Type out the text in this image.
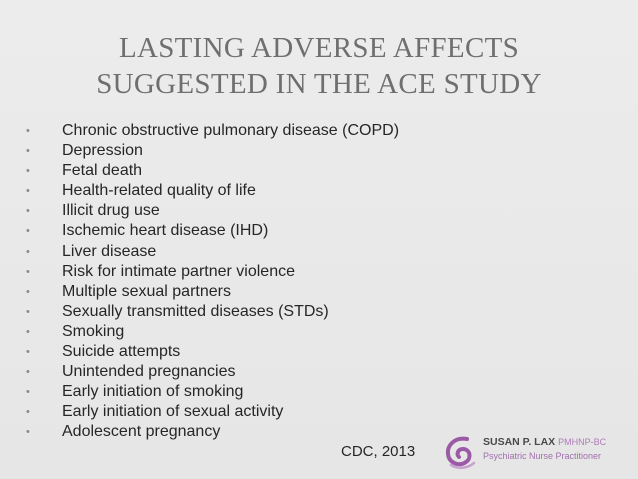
LASTING ADVERSE AFFECTS
SUGGESTED IN THE ACE STUDY
• Chronic obstructive pulmonary disease (COPD)
• Depression
• Fetal death
• Health-related quality of life
• Illicit drug use
• Ischemic heart disease (IHD)
• Liver disease
• Risk for intimate partner violence
• Multiple sexual partners
• Sexually transmitted diseases (STDs)
• Smoking
• Suicide attempts
• Unintended pregnancies
• Early initiation of smoking
• Early initiation of sexual activity
• Adolescent pregnancy
CDC, 2013
SUSAN P. LAX PMHNP-BC
Psychiatric Nurse Practitioner
